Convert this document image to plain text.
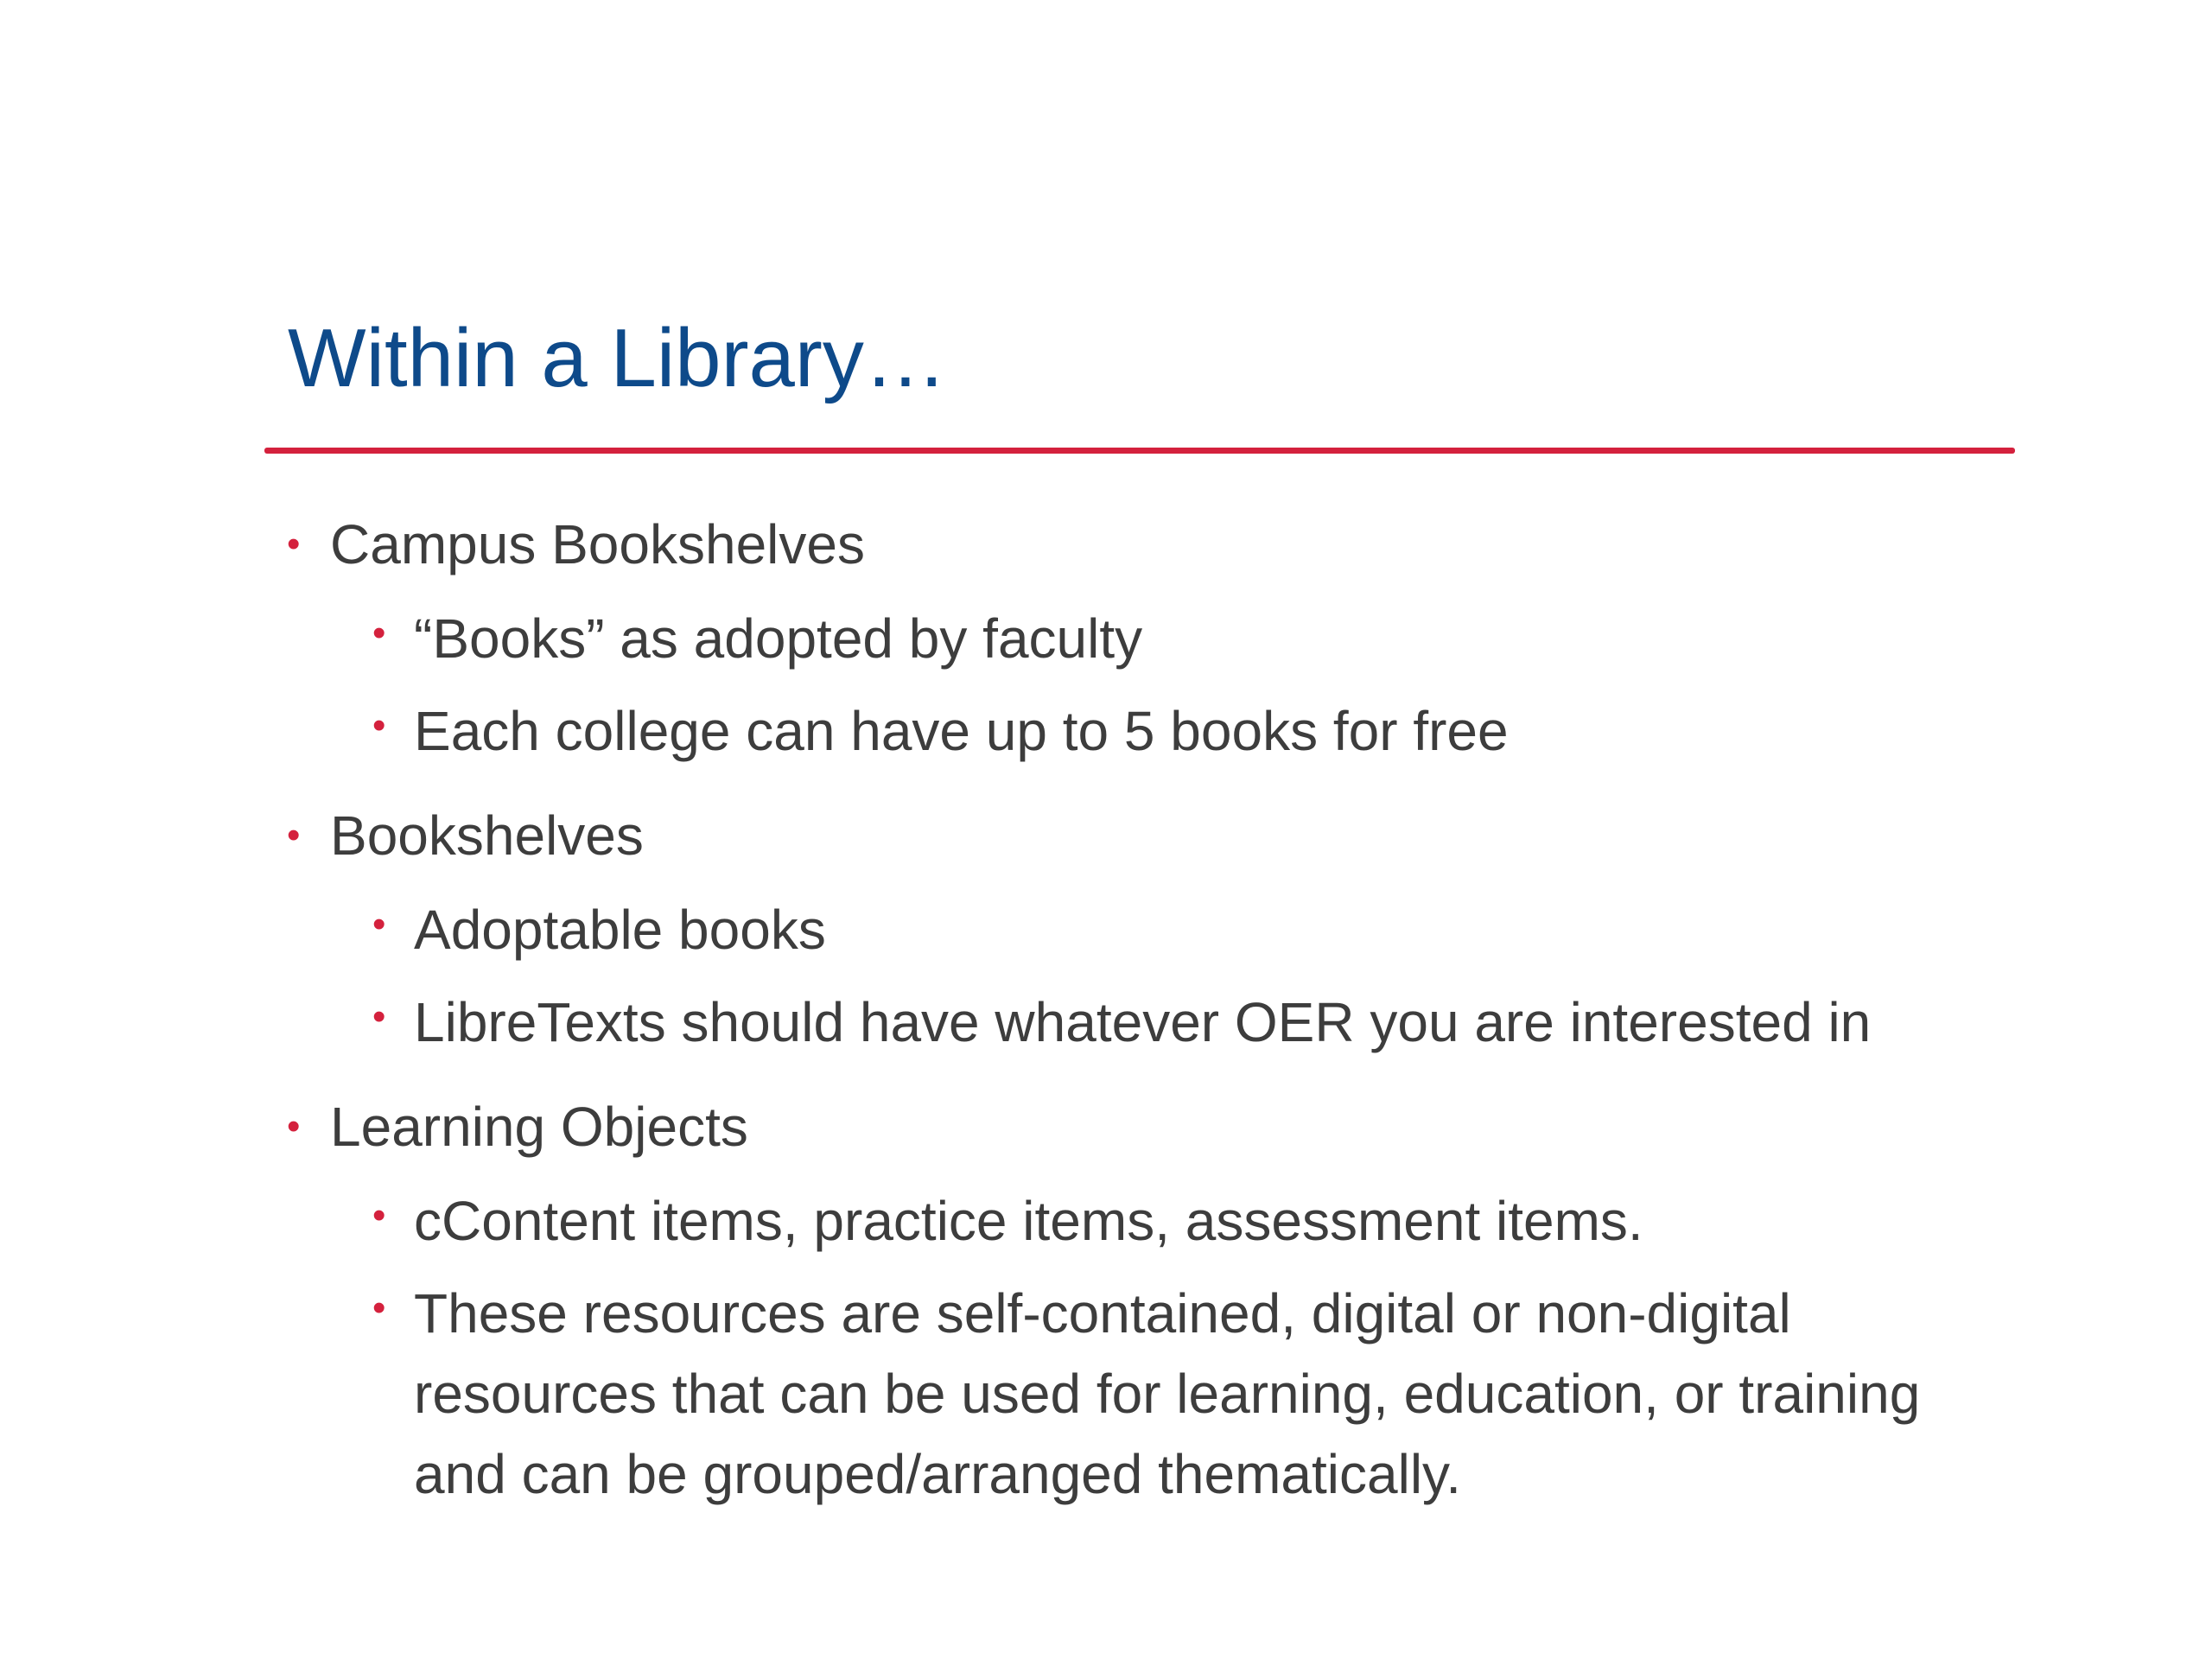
Within a Library…
• Campus Bookshelves
• “Books” as adopted by faculty
• Each college can have up to 5 books for free
• Bookshelves
• Adoptable books
• LibreTexts should have whatever OER you are interested in
• Learning Objects
• cContent items, practice items, assessment items.
• These resources are self-contained, digital or non-digital
resources that can be used for learning, education, or training
and can be grouped/arranged thematically.
